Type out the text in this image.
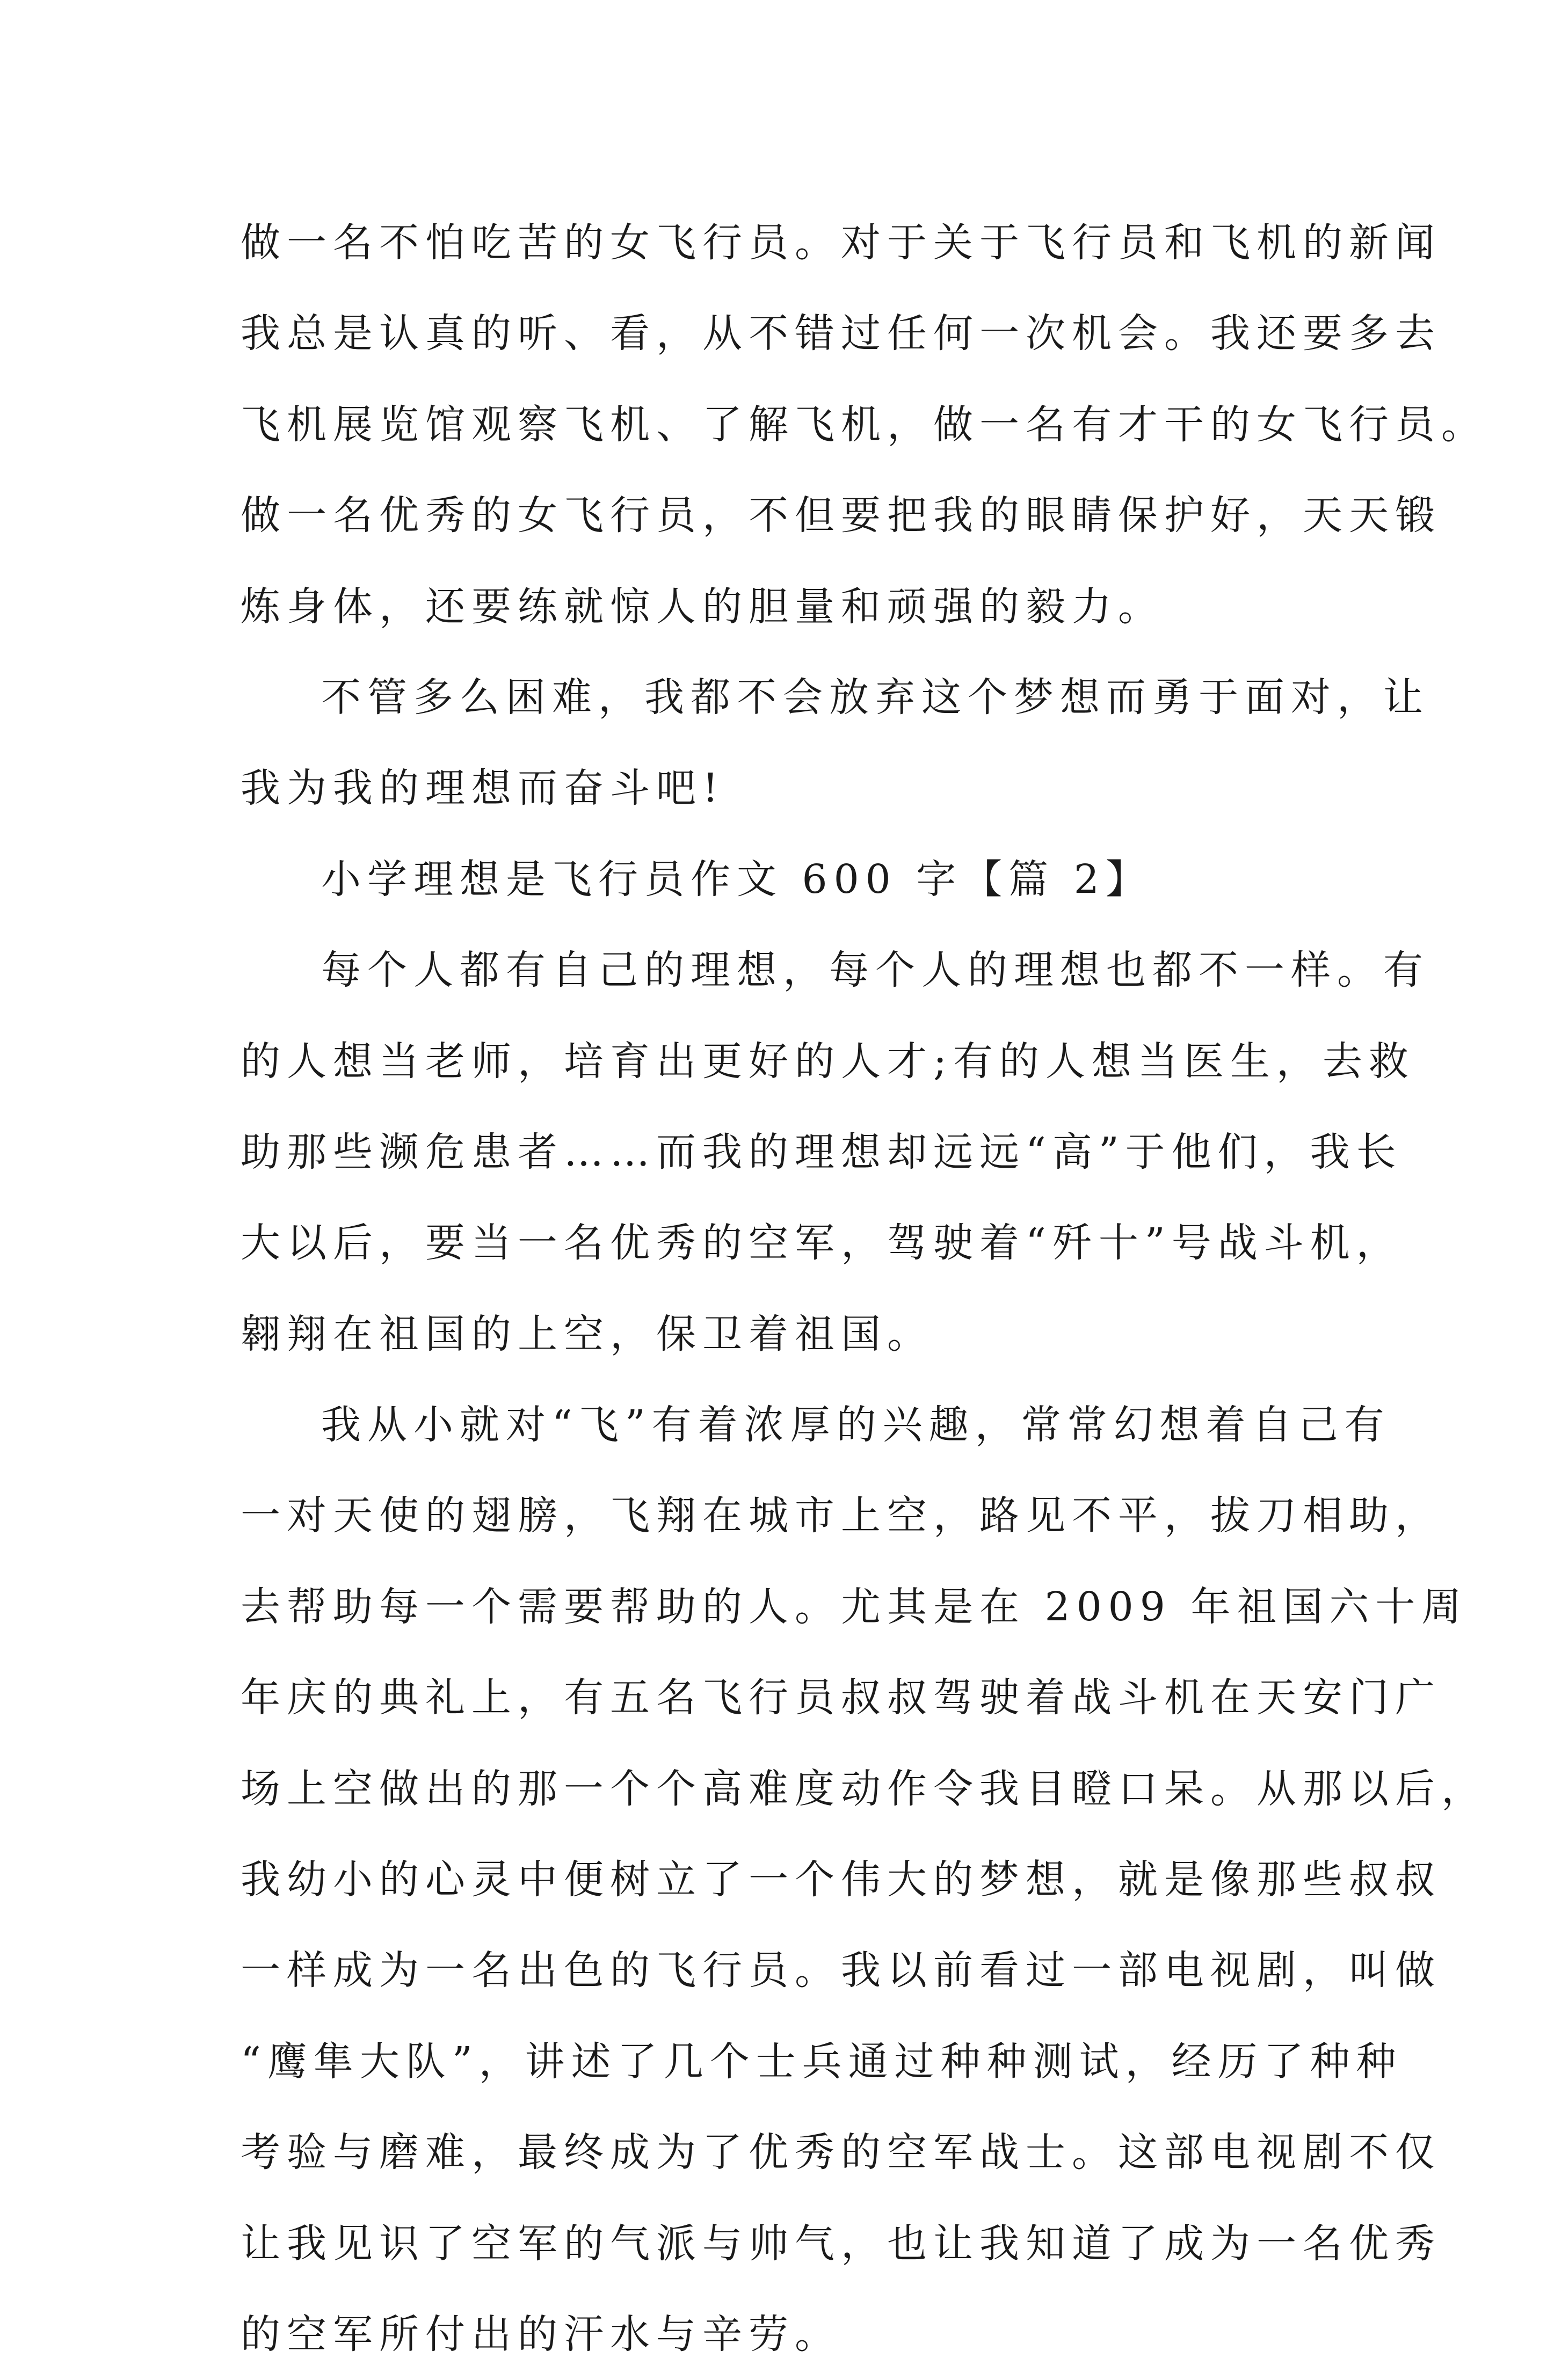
做一名不怕吃苦的女飞行员。对于关于飞行员和飞机的新闻
我总是认真的听、看，从不错过任何一次机会。我还要多去
飞机展览馆观察飞机、了解飞机，做一名有才干的女飞行员。
做一名优秀的女飞行员，不但要把我的眼睛保护好，天天锻
炼身体，还要练就惊人的胆量和顽强的毅力。
不管多么困难，我都不会放弃这个梦想而勇于面对，让
我为我的理想而奋斗吧!
小学理想是飞行员作文 600 字【篇 2】
每个人都有自己的理想，每个人的理想也都不一样。有
的人想当老师，培育出更好的人才;有的人想当医生，去救
助那些濒危患者……而我的理想却远远“高”于他们，我长
大以后，要当一名优秀的空军，驾驶着“歼十”号战斗机，
翱翔在祖国的上空，保卫着祖国。
我从小就对“飞”有着浓厚的兴趣，常常幻想着自己有
一对天使的翅膀，飞翔在城市上空，路见不平，拔刀相助，
去帮助每一个需要帮助的人。尤其是在 2009 年祖国六十周
年庆的典礼上，有五名飞行员叔叔驾驶着战斗机在天安门广
场上空做出的那一个个高难度动作令我目瞪口呆。从那以后，
我幼小的心灵中便树立了一个伟大的梦想，就是像那些叔叔
一样成为一名出色的飞行员。我以前看过一部电视剧，叫做
“鹰隼大队”，讲述了几个士兵通过种种测试，经历了种种
考验与磨难，最终成为了优秀的空军战士。这部电视剧不仅
让我见识了空军的气派与帅气，也让我知道了成为一名优秀
的空军所付出的汗水与辛劳。
